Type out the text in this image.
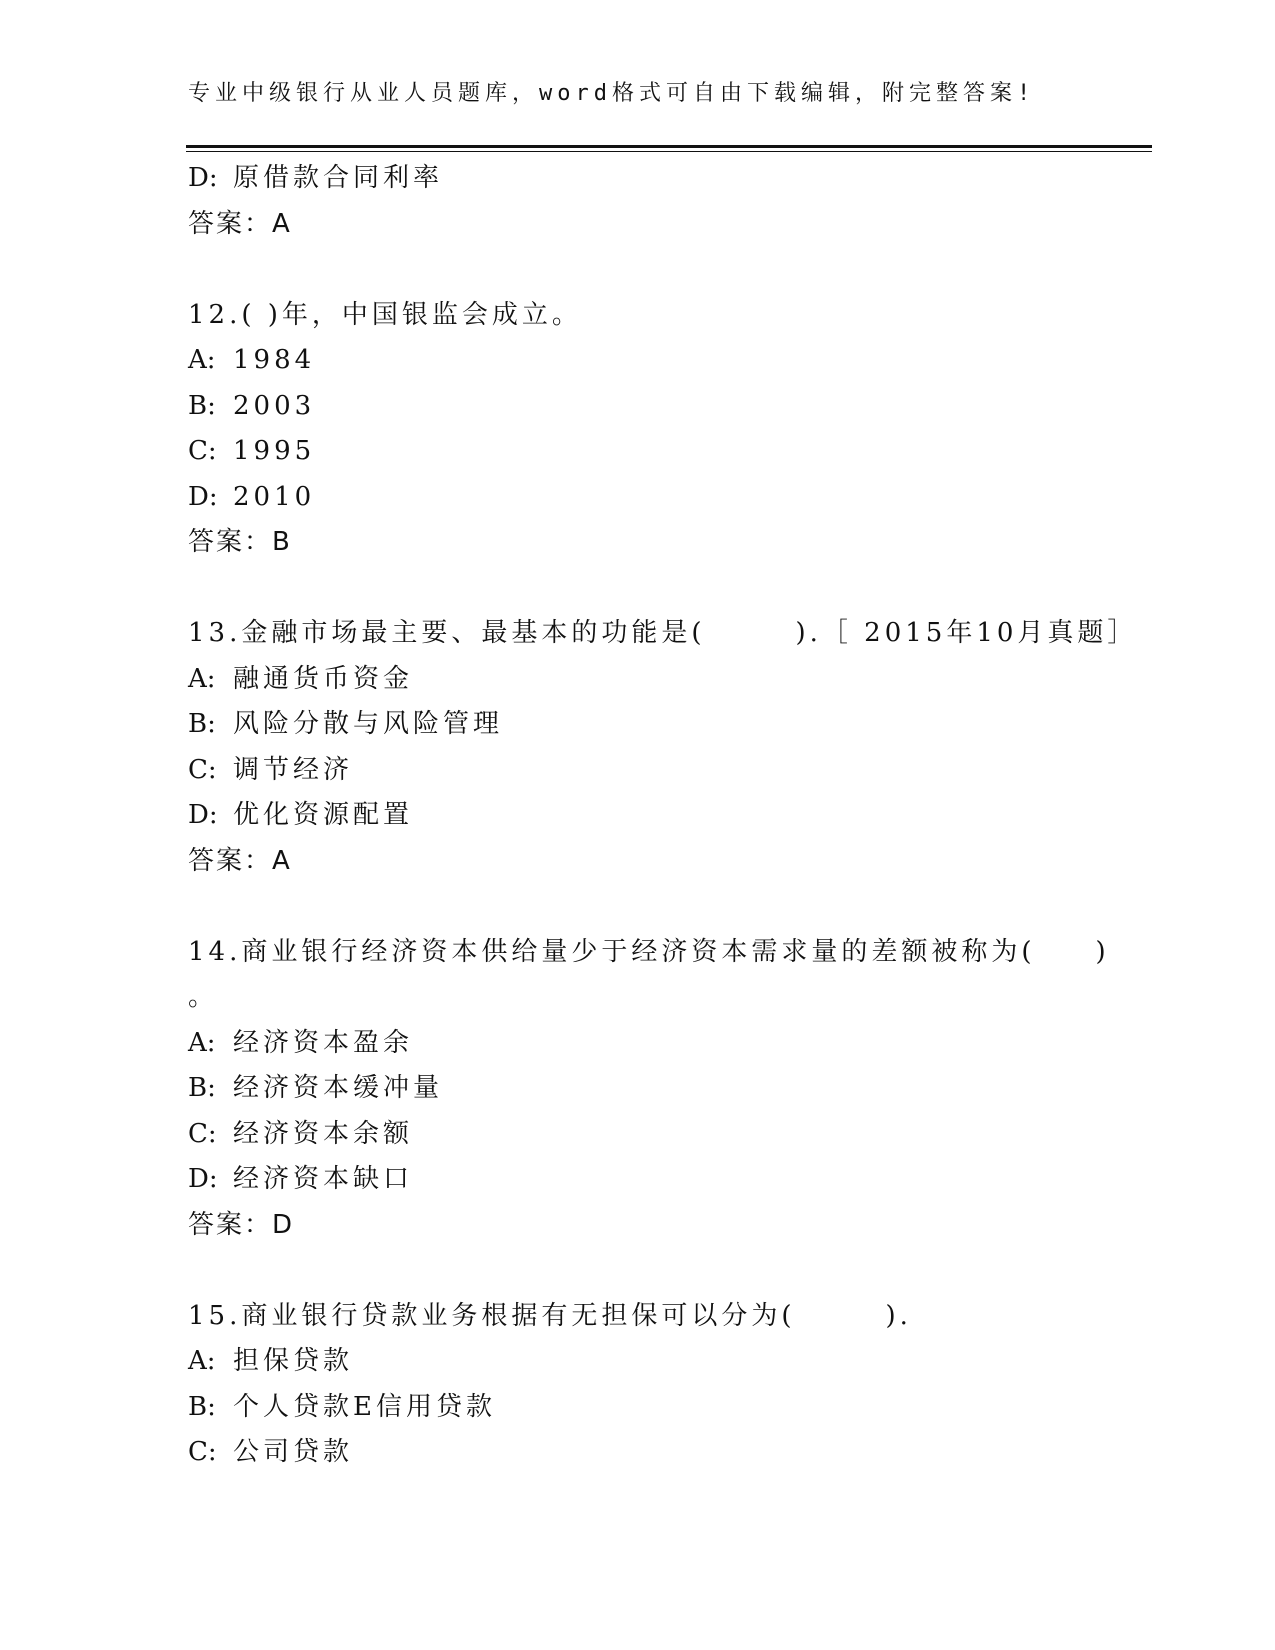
专业中级银行从业人员题库，word格式可自由下载编辑，附完整答案!
D: 原借款合同利率
答案：A
12.( )年，中国银监会成立。
A: 1984
B: 2003
C: 1995
D: 2010
答案：B
13.金融市场最主要、最基本的功能是(　　　).［ 2015年10月真题］
A: 融通货币资金
B: 风险分散与风险管理
C: 调节经济
D: 优化资源配置
答案：A
14.商业银行经济资本供给量少于经济资本需求量的差额被称为(　　)
。
A: 经济资本盈余
B: 经济资本缓冲量
C: 经济资本余额
D: 经济资本缺口
答案：D
15.商业银行贷款业务根据有无担保可以分为(　　　).
A: 担保贷款
B: 个人贷款E信用贷款
C: 公司贷款
